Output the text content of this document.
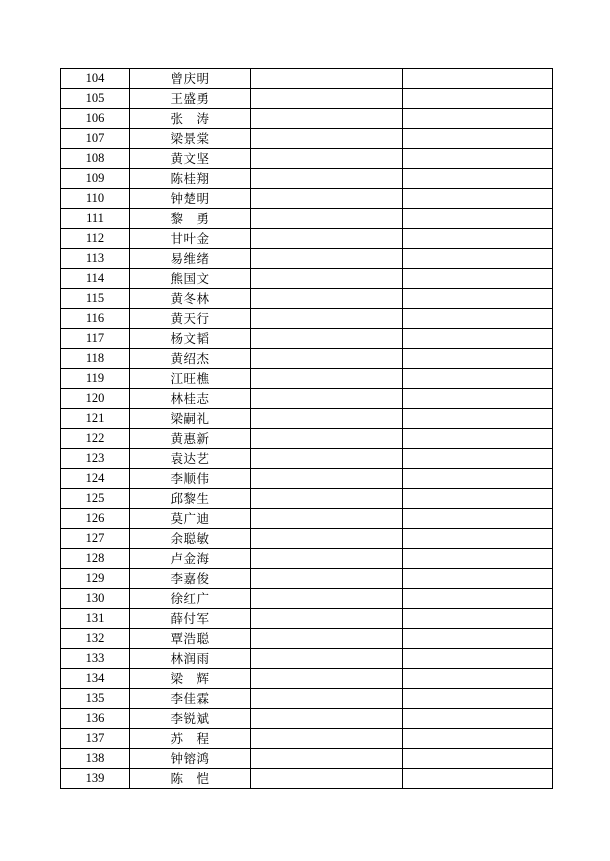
104	曾庆明		
105	王盛勇		
106	张　涛		
107	梁景棠		
108	黄文坚		
109	陈桂翔		
110	钟楚明		
111	黎　勇		
112	甘叶金		
113	易维绪		
114	熊国文		
115	黄冬林		
116	黄天行		
117	杨文韬		
118	黄绍杰		
119	江旺樵		
120	林桂志		
121	梁嗣礼		
122	黄惠新		
123	袁达艺		
124	李顺伟		
125	邱黎生		
126	莫广迪		
127	余聪敏		
128	卢金海		
129	李嘉俊		
130	徐红广		
131	薛付军		
132	覃浩聪		
133	林润雨		
134	梁　辉		
135	李佳霖		
136	李锐斌		
137	苏　程		
138	钟镕鸿		
139	陈　恺		
